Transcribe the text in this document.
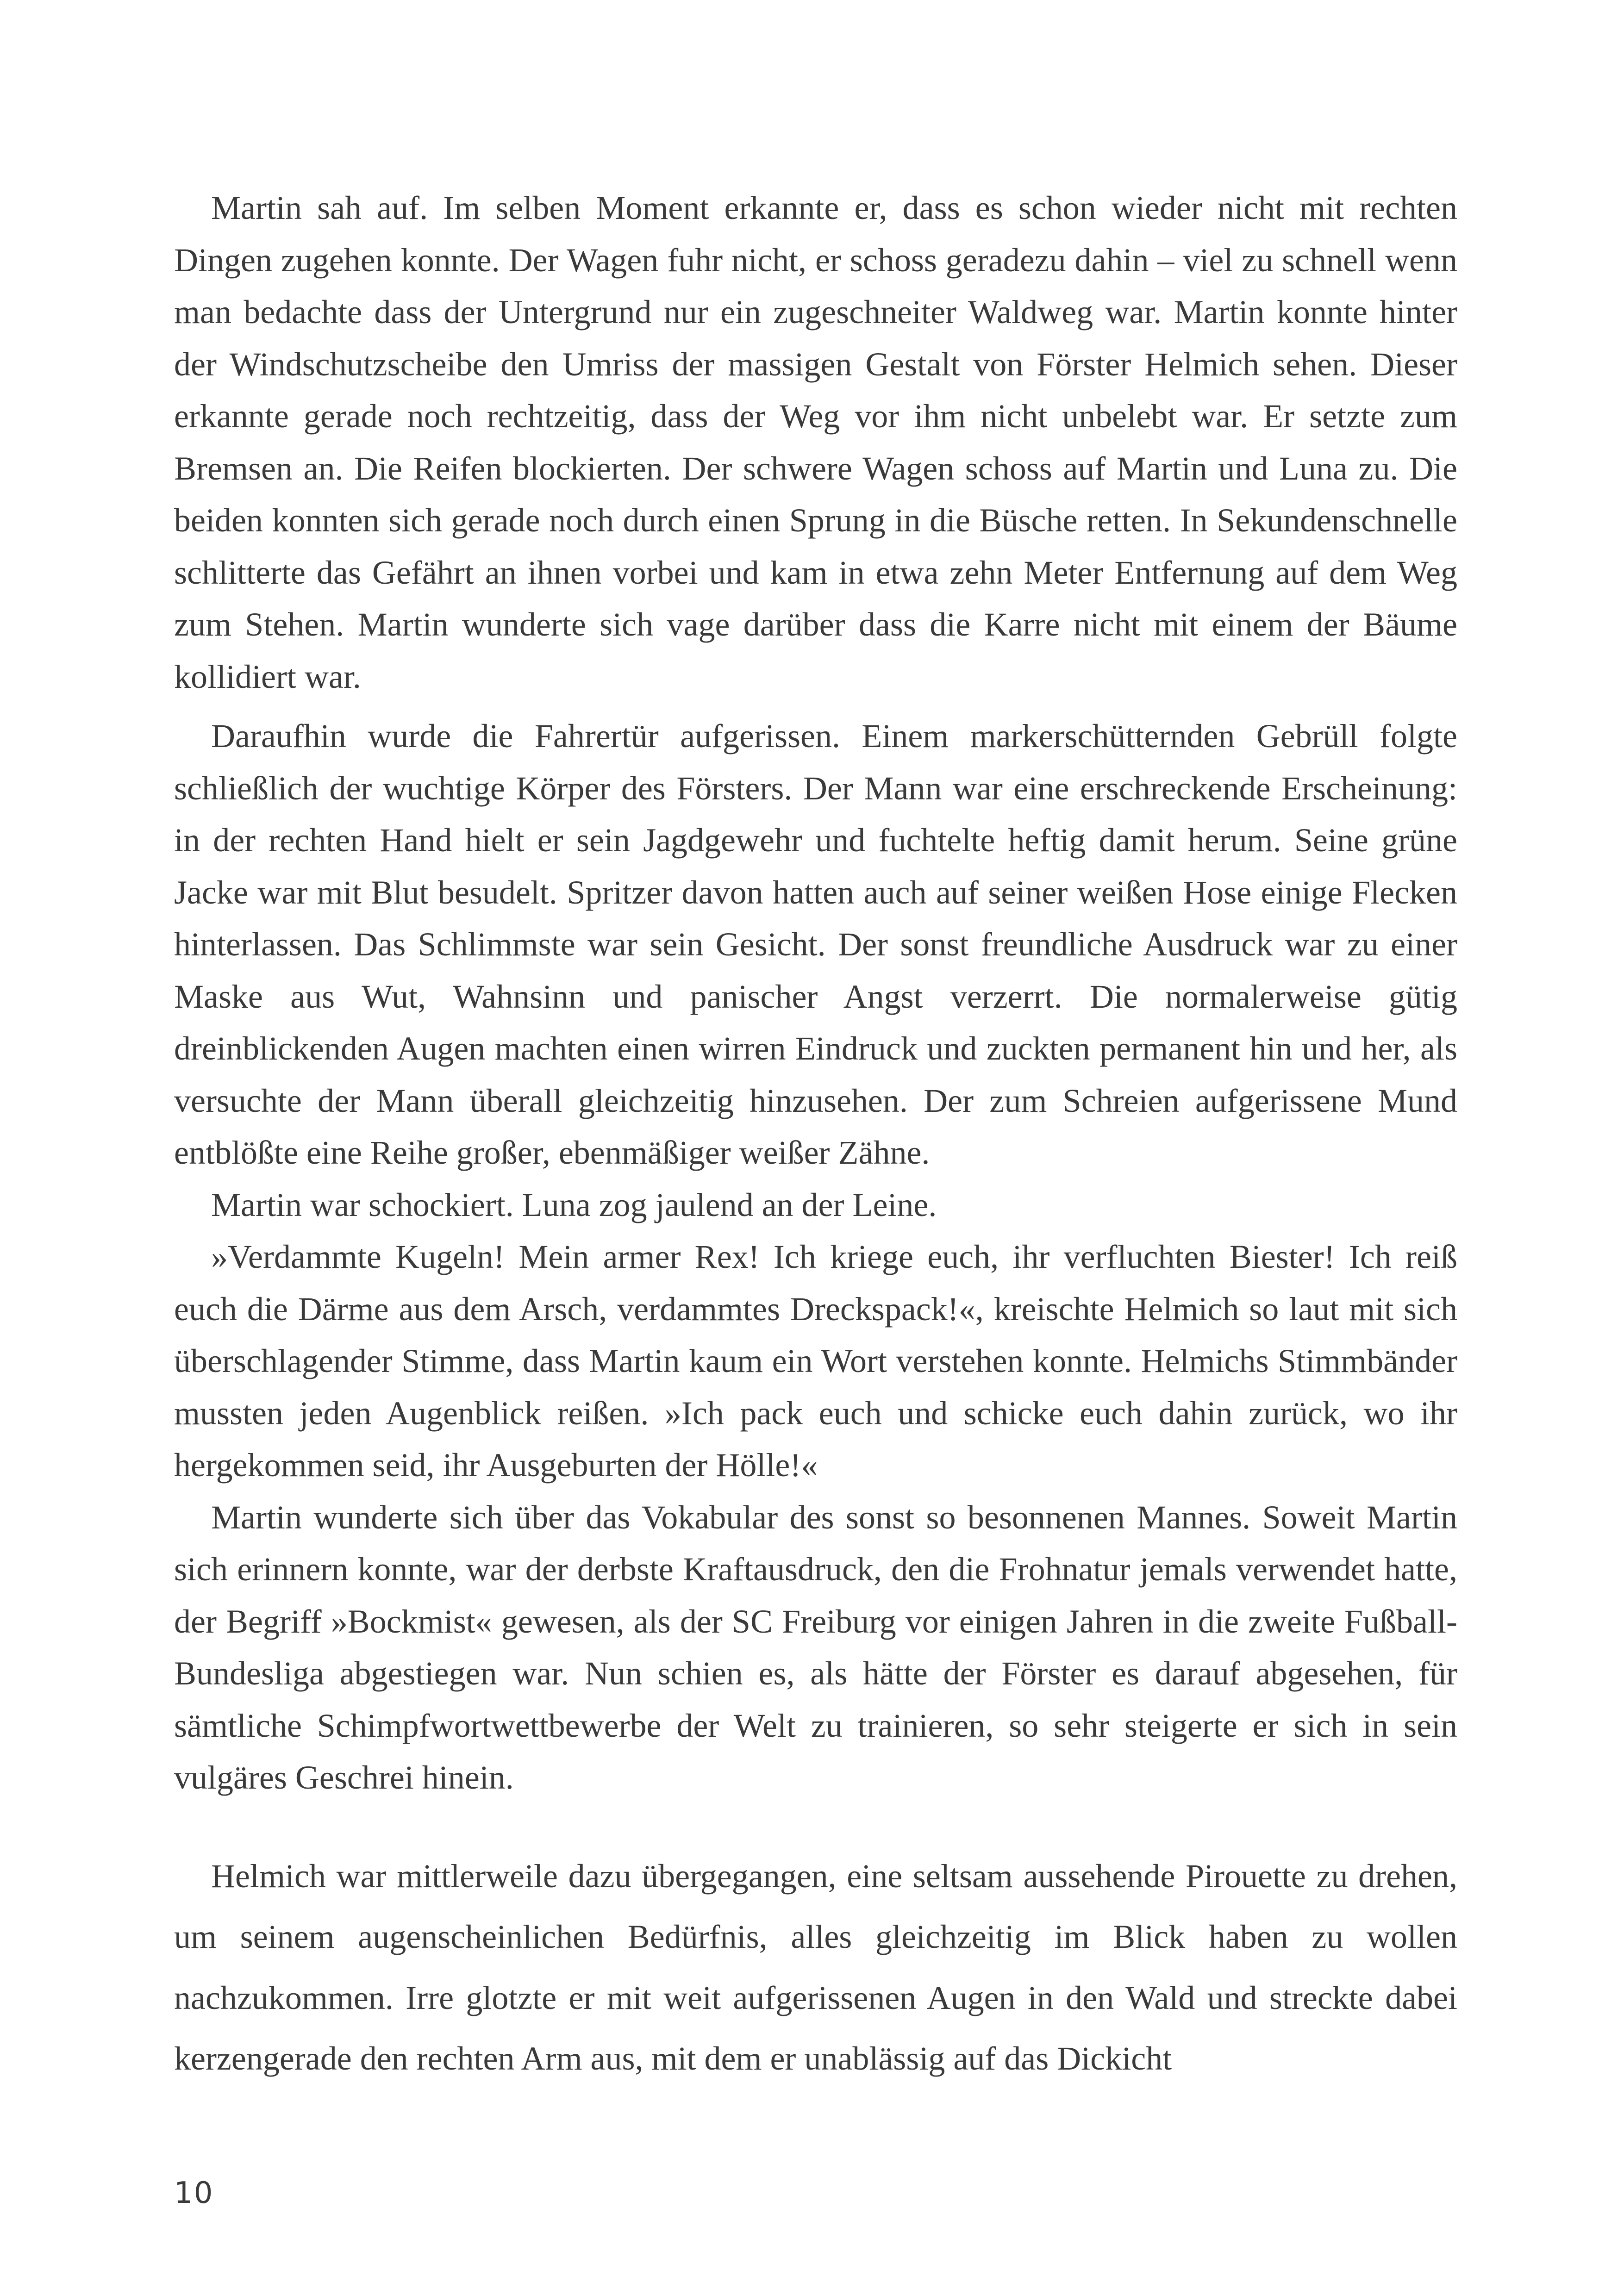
Martin sah auf. Im selben Moment erkannte er, dass es schon wieder nicht mit rechten Dingen zugehen konnte. Der Wagen fuhr nicht, er schoss geradezu dahin – viel zu schnell wenn man bedachte dass der Untergrund nur ein zugeschneiter Waldweg war. Martin konnte hinter der Windschutzscheibe den Umriss der massigen Gestalt von Förster Helmich sehen. Dieser erkannte gerade noch rechtzeitig, dass der Weg vor ihm nicht unbelebt war. Er setzte zum Bremsen an. Die Reifen blockierten. Der schwere Wagen schoss auf Martin und Luna zu. Die beiden konnten sich gerade noch durch einen Sprung in die Büsche retten. In Sekundenschnelle schlitterte das Gefährt an ihnen vorbei und kam in etwa zehn Meter Entfernung auf dem Weg zum Stehen. Martin wunderte sich vage darüber dass die Karre nicht mit einem der Bäume kollidiert war.

Daraufhin wurde die Fahrertür aufgerissen. Einem markerschütternden Gebrüll folgte schließlich der wuchtige Körper des Försters. Der Mann war eine erschreckende Erscheinung: in der rechten Hand hielt er sein Jagdgewehr und fuchtelte heftig damit herum. Seine grüne Jacke war mit Blut besudelt. Spritzer davon hatten auch auf seiner weißen Hose einige Flecken hinterlassen. Das Schlimmste war sein Gesicht. Der sonst freundliche Ausdruck war zu einer Maske aus Wut, Wahnsinn und panischer Angst verzerrt. Die normalerweise gütig dreinblickenden Augen machten einen wirren Eindruck und zuckten permanent hin und her, als versuchte der Mann überall gleichzeitig hinzusehen. Der zum Schreien aufgerissene Mund entblößte eine Reihe großer, ebenmäßiger weißer Zähne.

Martin war schockiert. Luna zog jaulend an der Leine.

»Verdammte Kugeln! Mein armer Rex! Ich kriege euch, ihr verfluchten Biester! Ich reiß euch die Därme aus dem Arsch, verdammtes Dreckspack!«, kreischte Helmich so laut mit sich überschlagender Stimme, dass Martin kaum ein Wort verstehen konnte. Helmichs Stimmbänder mussten jeden Augenblick reißen. »Ich pack euch und schicke euch dahin zurück, wo ihr hergekommen seid, ihr Ausgeburten der Hölle!«

Martin wunderte sich über das Vokabular des sonst so besonnenen Mannes. Soweit Martin sich erinnern konnte, war der derbste Kraftausdruck, den die Frohnatur jemals verwendet hatte, der Begriff »Bockmist« gewesen, als der SC Freiburg vor einigen Jahren in die zweite Fußball-Bundesliga abgestiegen war. Nun schien es, als hätte der Förster es darauf abgesehen, für sämtliche Schimpfwortwettbewerbe der Welt zu trainieren, so sehr steigerte er sich in sein vulgäres Geschrei hinein.

Helmich war mittlerweile dazu übergegangen, eine seltsam aussehende Pirouette zu drehen, um seinem augenscheinlichen Bedürfnis, alles gleichzeitig im Blick haben zu wollen nachzukommen. Irre glotzte er mit weit aufgerissenen Augen in den Wald und streckte dabei kerzengerade den rechten Arm aus, mit dem er unablässig auf das Dickicht

10
